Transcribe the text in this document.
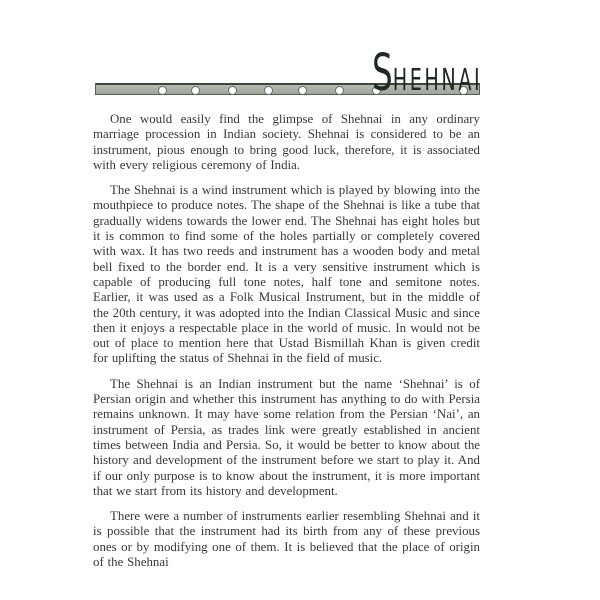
S HEHNAI

One would easily find the glimpse of Shehnai in any ordinary marriage procession in Indian society. Shehnai is considered to be an instrument, pious enough to bring good luck, therefore, it is associated with every religious ceremony of India.

The Shehnai is a wind instrument which is played by blowing into the mouthpiece to produce notes. The shape of the Shehnai is like a tube that gradually widens towards the lower end. The Shehnai has eight holes but it is common to find some of the holes partially or completely covered with wax. It has two reeds and instrument has a wooden body and metal bell fixed to the border end. It is a very sensitive instrument which is capable of producing full tone notes, half tone and semitone notes. Earlier, it was used as a Folk Musical Instrument, but in the middle of the 20th century, it was adopted into the Indian Classical Music and since then it enjoys a respectable place in the world of music. In would not be out of place to mention here that Ustad Bismillah Khan is given credit for uplifting the status of Shehnai in the field of music.

The Shehnai is an Indian instrument but the name ‘Shehnai’ is of Persian origin and whether this instrument has anything to do with Persia remains unknown. It may have some relation from the Persian ‘Nai’, an instrument of Persia, as trades link were greatly established in ancient times between India and Persia. So, it would be better to know about the history and development of the instrument before we start to play it. And if our only purpose is to know about the instrument, it is more important that we start from its history and development.

There were a number of instruments earlier resembling Shehnai and it is possible that the instrument had its birth from any of these previous ones or by modifying one of them. It is believed that the place of origin of the Shehnai
